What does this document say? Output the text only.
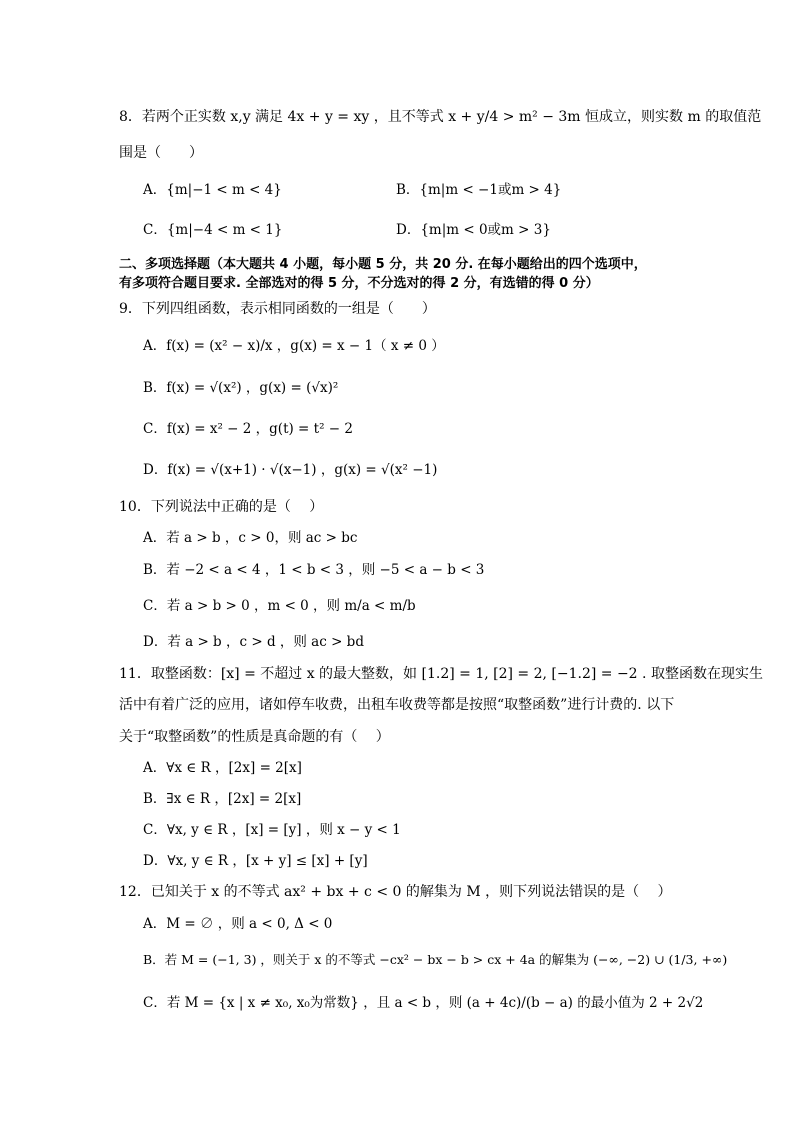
8．若两个正实数 x,y 满足 4x + y = xy ，且不等式 x + y/4 > m² − 3m 恒成立，则实数 m 的取值范
围是（　　）
A．{m|−1 < m < 4}	B．{m|m < −1或m > 4}
C．{m|−4 < m < 1}	D．{m|m < 0或m > 3}
二、多项选择题（本大题共 4 小题，每小题 5 分，共 20 分. 在每小题给出的四个选项中，
有多项符合题目要求. 全部选对的得 5 分，不分选对的得 2 分，有选错的得 0 分）
9．下列四组函数，表示相同函数的一组是（　　）
A．f(x) = (x² − x)/x ，g(x) = x − 1（ x ≠ 0 ）
B．f(x) = √(x²) ，g(x) = (√x)²
C．f(x) = x² − 2 ，g(t) = t² − 2
D．f(x) = √(x+1) · √(x−1) ，g(x) = √(x² −1)
10．下列说法中正确的是（　 ）
A．若 a > b ，c > 0，则 ac > bc
B．若 −2 < a < 4 ，1 < b < 3 ，则 −5 < a − b < 3
C．若 a > b > 0 ，m < 0 ，则 m/a < m/b
D．若 a > b ，c > d ，则 ac > bd
11．取整函数：[x] = 不超过 x 的最大整数，如 [1.2] = 1, [2] = 2, [−1.2] = −2 . 取整函数在现实生
活中有着广泛的应用，诸如停车收费，出租车收费等都是按照“取整函数”进行计费的. 以下
关于“取整函数”的性质是真命题的有（　 ）
A．∀x ∈ R ，[2x] = 2[x]
B．∃x ∈ R ，[2x] = 2[x]
C．∀x, y ∈ R ，[x] = [y] ，则 x − y < 1
D．∀x, y ∈ R ，[x + y] ≤ [x] + [y]
12．已知关于 x 的不等式 ax² + bx + c < 0 的解集为 M ，则下列说法错误的是（　 ）
A．M = ∅ ，则 a < 0, Δ < 0
B．若 M = (−1, 3) ，则关于 x 的不等式 −cx² − bx − b > cx + 4a 的解集为 (−∞, −2) ∪ (1/3, +∞)
C．若 M = {x | x ≠ x₀, x₀为常数} ，且 a < b ，则 (a + 4c)/(b − a) 的最小值为 2 + 2√2
